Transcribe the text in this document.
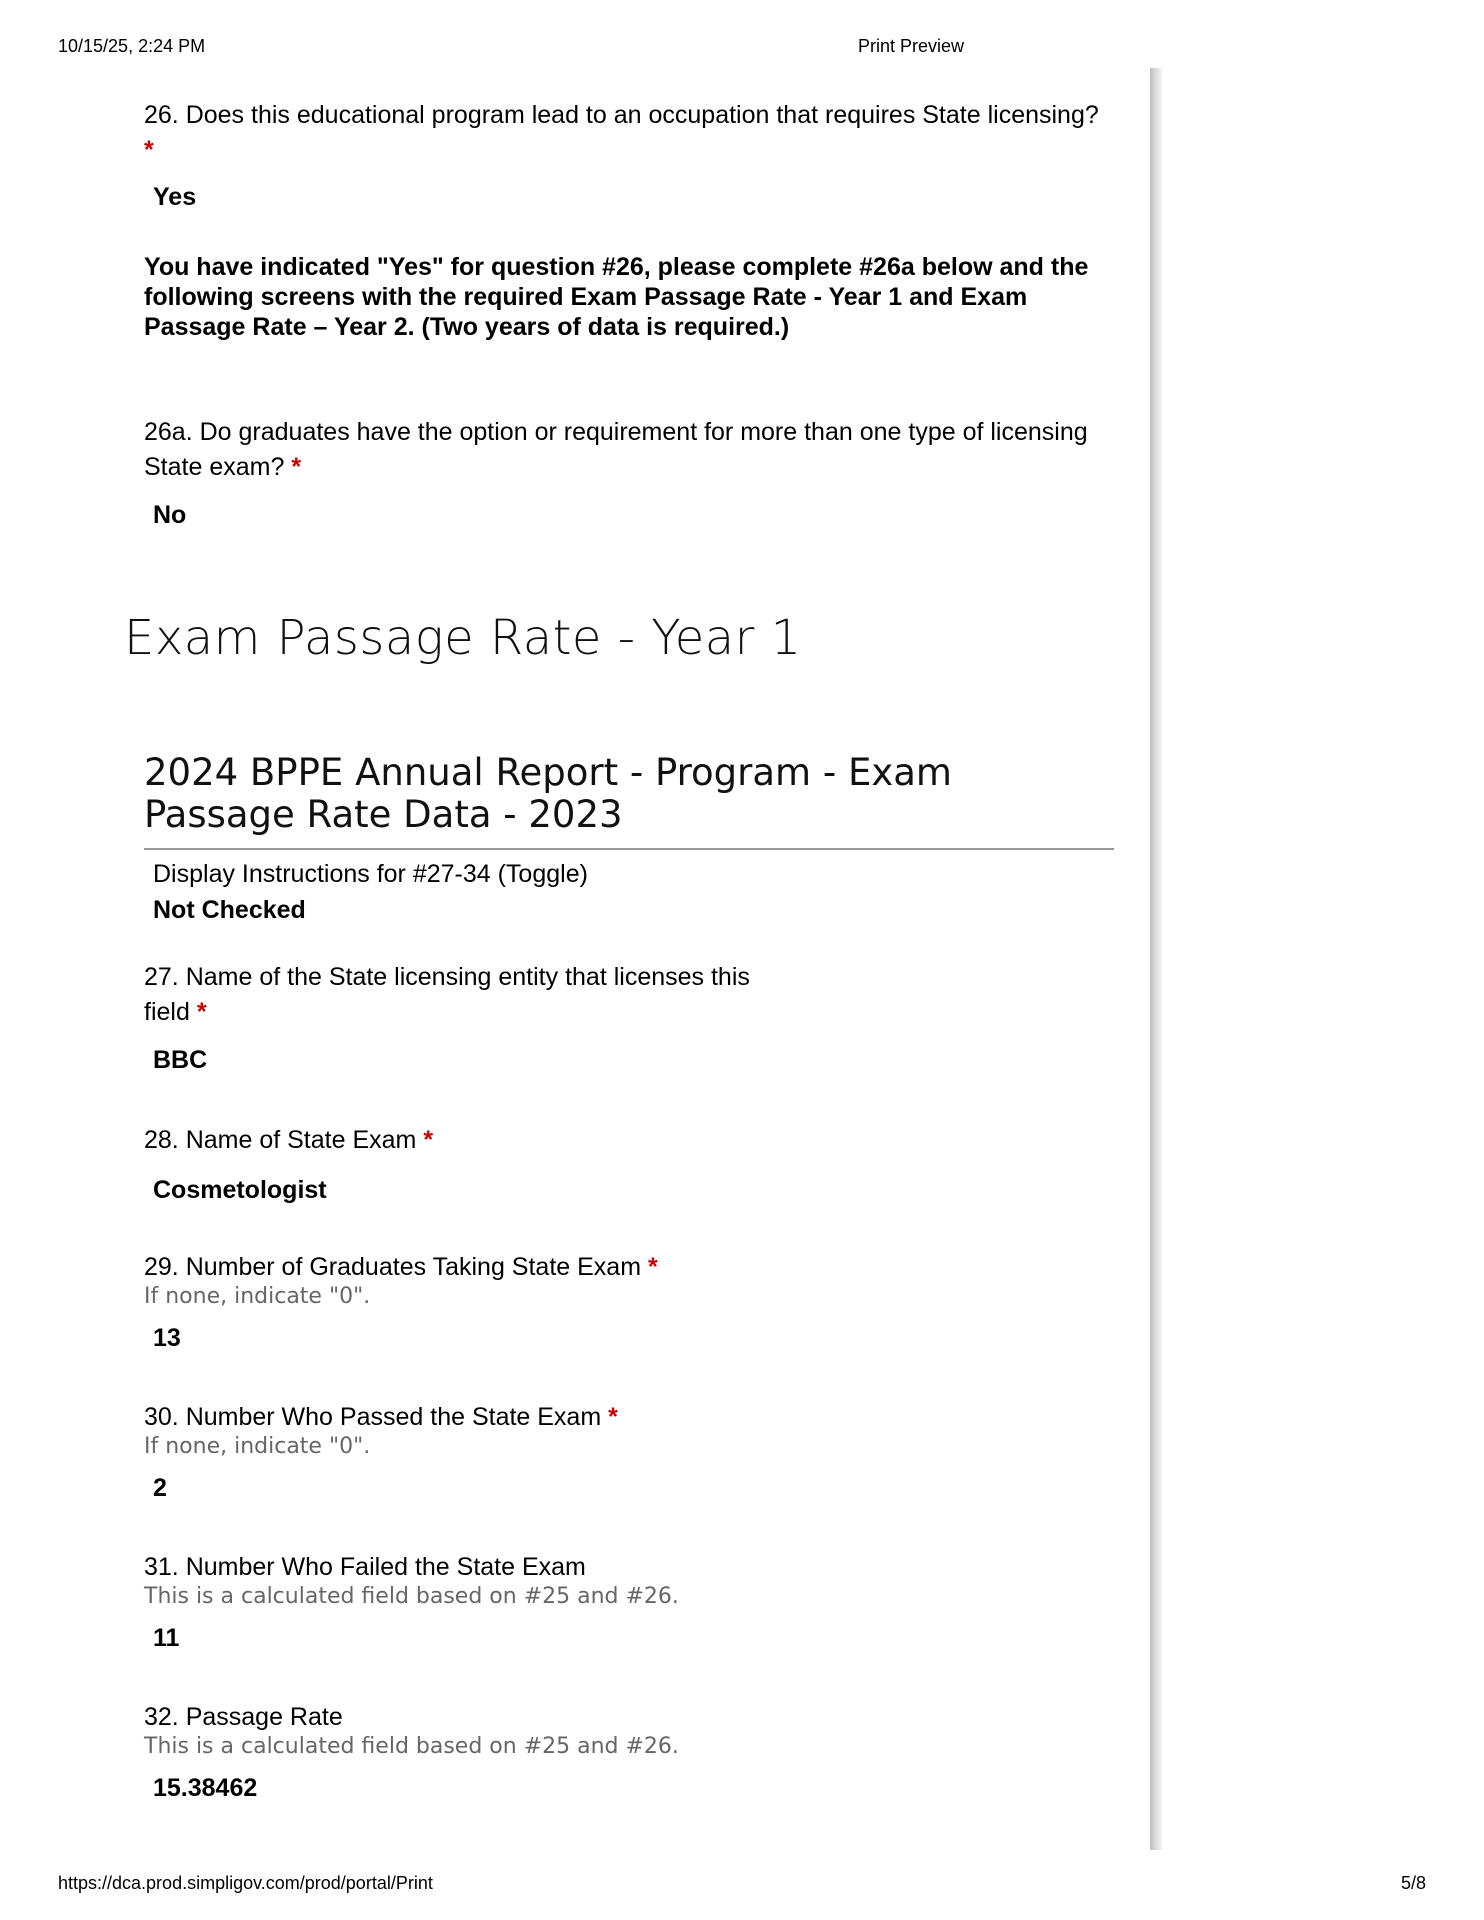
10/15/25, 2:24 PM	Print Preview
26. Does this educational program lead to an occupation that requires State licensing? *
Yes
You have indicated "Yes" for question #26, please complete #26a below and the following screens with the required Exam Passage Rate - Year 1 and Exam Passage Rate – Year 2. (Two years of data is required.)
26a. Do graduates have the option or requirement for more than one type of licensing State exam? *
No
Exam Passage Rate - Year 1
2024 BPPE Annual Report - Program - Exam Passage Rate Data - 2023
Display Instructions for #27-34 (Toggle)
Not Checked
27. Name of the State licensing entity that licenses this
field *
BBC
28. Name of State Exam *
Cosmetologist
29. Number of Graduates Taking State Exam *
If none, indicate "0".
13
30. Number Who Passed the State Exam *
If none, indicate "0".
2
31. Number Who Failed the State Exam
This is a calculated field based on #25 and #26.
11
32. Passage Rate
This is a calculated field based on #25 and #26.
15.38462
https://dca.prod.simpligov.com/prod/portal/Print	5/8
